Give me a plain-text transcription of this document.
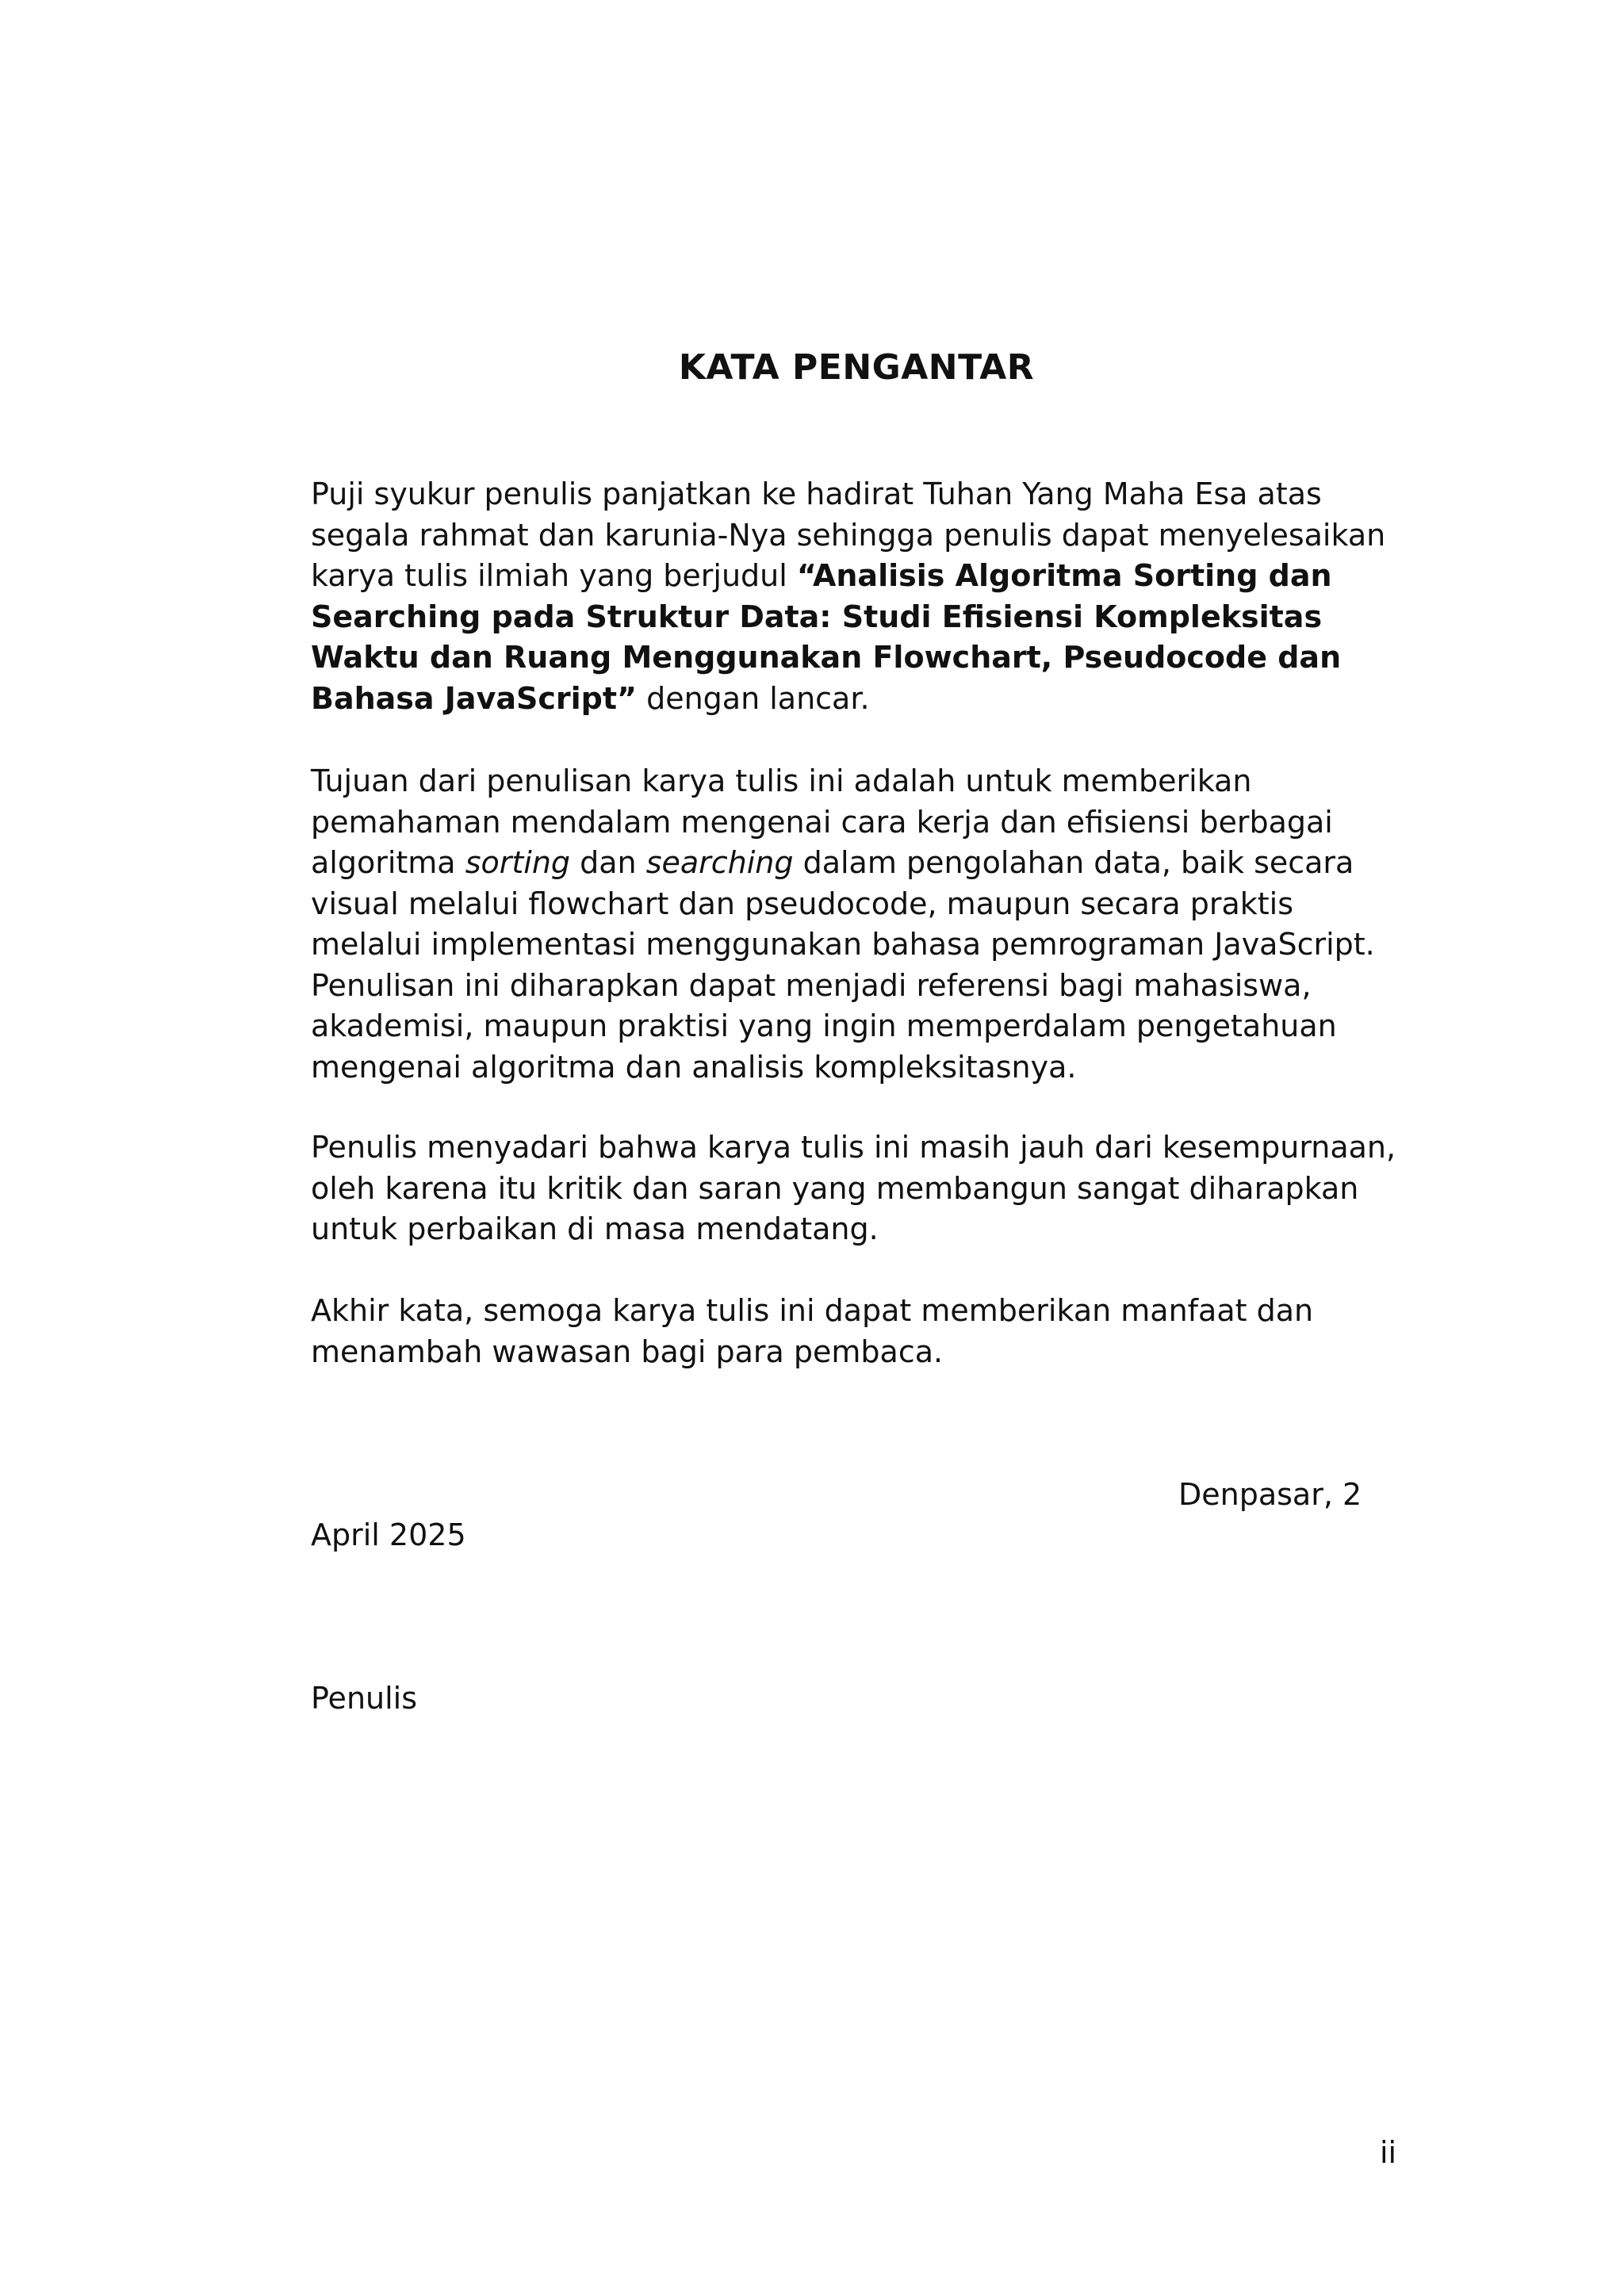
KATA PENGANTAR

Puji syukur penulis panjatkan ke hadirat Tuhan Yang Maha Esa atas segala rahmat dan karunia-Nya sehingga penulis dapat menyelesaikan karya tulis ilmiah yang berjudul “Analisis Algoritma Sorting dan Searching pada Struktur Data: Studi Efisiensi Kompleksitas Waktu dan Ruang Menggunakan Flowchart, Pseudocode dan Bahasa JavaScript” dengan lancar.

Tujuan dari penulisan karya tulis ini adalah untuk memberikan pemahaman mendalam mengenai cara kerja dan efisiensi berbagai algoritma sorting dan searching dalam pengolahan data, baik secara visual melalui flowchart dan pseudocode, maupun secara praktis melalui implementasi menggunakan bahasa pemrograman JavaScript. Penulisan ini diharapkan dapat menjadi referensi bagi mahasiswa, akademisi, maupun praktisi yang ingin memperdalam pengetahuan mengenai algoritma dan analisis kompleksitasnya.

Penulis menyadari bahwa karya tulis ini masih jauh dari kesempurnaan, oleh karena itu kritik dan saran yang membangun sangat diharapkan untuk perbaikan di masa mendatang.

Akhir kata, semoga karya tulis ini dapat memberikan manfaat dan menambah wawasan bagi para pembaca.

Denpasar, 2

April 2025

Penulis

ii
